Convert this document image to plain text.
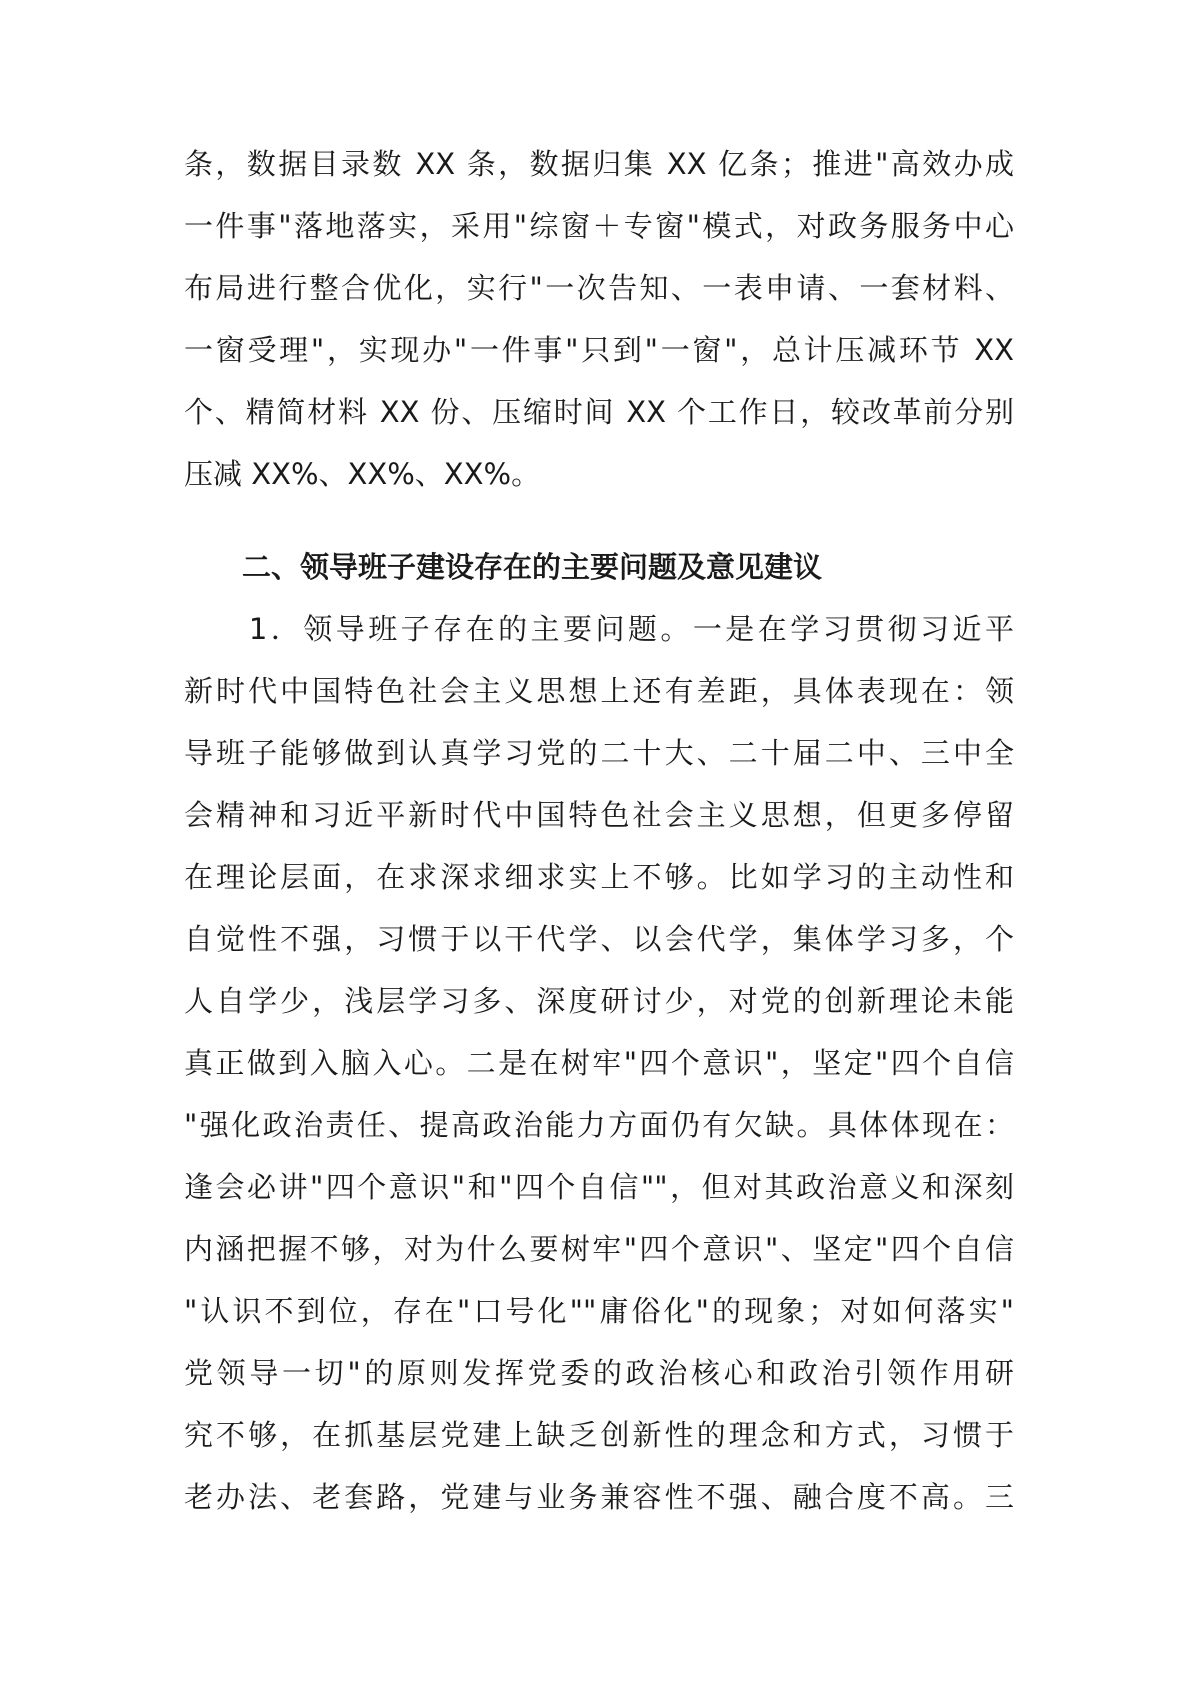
条，数据目录数 XX 条，数据归集 XX 亿条；推进"高效办成
一件事"落地落实，采用"综窗＋专窗"模式，对政务服务中心
布局进行整合优化，实行"一次告知、一表申请、一套材料、
一窗受理"，实现办"一件事"只到"一窗"，总计压减环节 XX
个、精简材料 XX 份、压缩时间 XX 个工作日，较改革前分别
压减 XX%、XX%、XX%。
二、领导班子建设存在的主要问题及意见建议
　　1．领导班子存在的主要问题。一是在学习贯彻习近平
新时代中国特色社会主义思想上还有差距，具体表现在：领
导班子能够做到认真学习党的二十大、二十届二中、三中全
会精神和习近平新时代中国特色社会主义思想，但更多停留
在理论层面，在求深求细求实上不够。比如学习的主动性和
自觉性不强，习惯于以干代学、以会代学，集体学习多，个
人自学少，浅层学习多、深度研讨少，对党的创新理论未能
真正做到入脑入心。二是在树牢"四个意识"，坚定"四个自信
"强化政治责任、提高政治能力方面仍有欠缺。具体体现在：
逢会必讲"四个意识"和"四个自信""，但对其政治意义和深刻
内涵把握不够，对为什么要树牢"四个意识"、坚定"四个自信
"认识不到位，存在"口号化""庸俗化"的现象；对如何落实"
党领导一切"的原则发挥党委的政治核心和政治引领作用研
究不够，在抓基层党建上缺乏创新性的理念和方式，习惯于
老办法、老套路，党建与业务兼容性不强、融合度不高。三
